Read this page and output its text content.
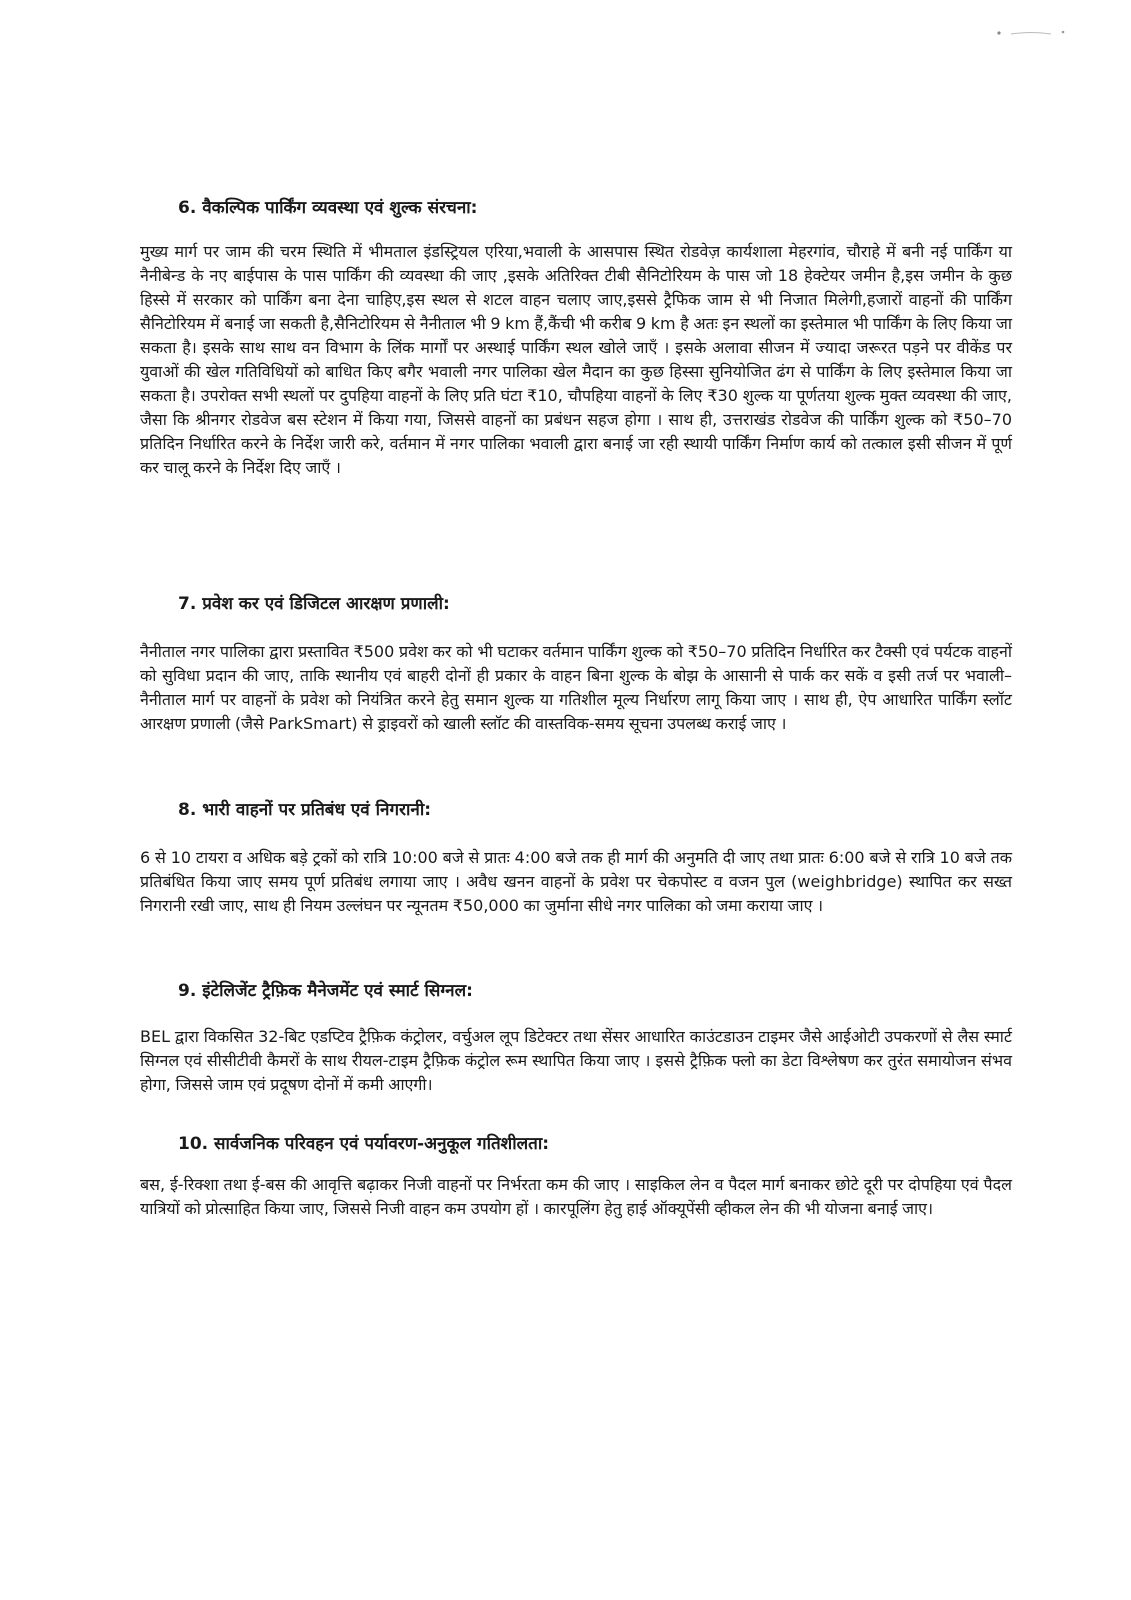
6. वैकल्पिक पार्किंग व्यवस्था एवं शुल्क संरचना:
मुख्य मार्ग पर जाम की चरम स्थिति में भीमताल इंडस्ट्रियल एरिया,भवाली के आसपास स्थित रोडवेज़ कार्यशाला मेहरगांव, चौराहे में बनी नई पार्किंग या नैनीबेन्ड के नए बाईपास के पास पार्किंग की व्यवस्था की जाए ,इसके अतिरिक्त टीबी सैनिटोरियम के पास जो 18 हेक्टेयर जमीन है,इस जमीन के कुछ हिस्से में सरकार को पार्किंग बना देना चाहिए,इस स्थल से शटल वाहन चलाए जाए,इससे ट्रैफिक जाम से भी निजात मिलेगी,हजारों वाहनों की पार्किंग सैनिटोरियम में बनाई जा सकती है,सैनिटोरियम से नैनीताल भी 9 km हैं,कैंची भी करीब 9 km है अतः इन स्थलों का इस्तेमाल भी पार्किंग के लिए किया जा सकता है। इसके साथ साथ वन विभाग के लिंक मार्गों पर अस्थाई पार्किंग स्थल खोले जाएँ । इसके अलावा सीजन में ज्यादा जरूरत पड़ने पर वीकेंड पर युवाओं की खेल गतिविधियों को बाधित किए बगैर भवाली नगर पालिका खेल मैदान का कुछ हिस्सा सुनियोजित ढंग से पार्किंग के लिए इस्तेमाल किया जा सकता है। उपरोक्त सभी स्थलों पर दुपहिया वाहनों के लिए प्रति घंटा ₹10, चौपहिया वाहनों के लिए ₹30 शुल्क या पूर्णतया शुल्क मुक्त व्यवस्था की जाए, जैसा कि श्रीनगर रोडवेज बस स्टेशन में किया गया, जिससे वाहनों का प्रबंधन सहज होगा । साथ ही, उत्तराखंड रोडवेज की पार्किंग शुल्क को ₹50–70 प्रतिदिन निर्धारित करने के निर्देश जारी करे, वर्तमान में नगर पालिका भवाली द्वारा बनाई जा रही स्थायी पार्किंग निर्माण कार्य को तत्काल इसी सीजन में पूर्ण कर चालू करने के निर्देश दिए जाएँ ।
7. प्रवेश कर एवं डिजिटल आरक्षण प्रणाली:
नैनीताल नगर पालिका द्वारा प्रस्तावित ₹500 प्रवेश कर को भी घटाकर वर्तमान पार्किंग शुल्क को ₹50–70 प्रतिदिन निर्धारित कर टैक्सी एवं पर्यटक वाहनों को सुविधा प्रदान की जाए, ताकि स्थानीय एवं बाहरी दोनों ही प्रकार के वाहन बिना शुल्क के बोझ के आसानी से पार्क कर सकें व इसी तर्ज पर भवाली–नैनीताल मार्ग पर वाहनों के प्रवेश को नियंत्रित करने हेतु समान शुल्क या गतिशील मूल्य निर्धारण लागू किया जाए । साथ ही, ऐप आधारित पार्किंग स्लॉट आरक्षण प्रणाली (जैसे ParkSmart) से ड्राइवरों को खाली स्लॉट की वास्तविक-समय सूचना उपलब्ध कराई जाए ।
8. भारी वाहनों पर प्रतिबंध एवं निगरानी:
6 से 10 टायरा व अधिक बड़े ट्रकों को रात्रि 10:00 बजे से प्रातः 4:00 बजे तक ही मार्ग की अनुमति दी जाए तथा प्रातः 6:00 बजे से रात्रि 10 बजे तक प्रतिबंधित किया जाए समय पूर्ण प्रतिबंध लगाया जाए । अवैध खनन वाहनों के प्रवेश पर चेकपोस्ट व वजन पुल (weighbridge) स्थापित कर सख्त निगरानी रखी जाए, साथ ही नियम उल्लंघन पर न्यूनतम ₹50,000 का जुर्माना सीधे नगर पालिका को जमा कराया जाए ।
9. इंटेलिजेंट ट्रैफ़िक मैनेजमेंट एवं स्मार्ट सिग्नल:
BEL द्वारा विकसित 32-बिट एडप्टिव ट्रैफ़िक कंट्रोलर, वर्चुअल लूप डिटेक्टर तथा सेंसर आधारित काउंटडाउन टाइमर जैसे आईओटी उपकरणों से लैस स्मार्ट सिग्नल एवं सीसीटीवी कैमरों के साथ रीयल-टाइम ट्रैफ़िक कंट्रोल रूम स्थापित किया जाए । इससे ट्रैफ़िक फ्लो का डेटा विश्लेषण कर तुरंत समायोजन संभव होगा, जिससे जाम एवं प्रदूषण दोनों में कमी आएगी।
10. सार्वजनिक परिवहन एवं पर्यावरण-अनुकूल गतिशीलता:
बस, ई-रिक्शा तथा ई-बस की आवृत्ति बढ़ाकर निजी वाहनों पर निर्भरता कम की जाए । साइकिल लेन व पैदल मार्ग बनाकर छोटे दूरी पर दोपहिया एवं पैदल यात्रियों को प्रोत्साहित किया जाए, जिससे निजी वाहन कम उपयोग हों । कारपूलिंग हेतु हाई ऑक्यूपेंसी व्हीकल लेन की भी योजना बनाई जाए।
